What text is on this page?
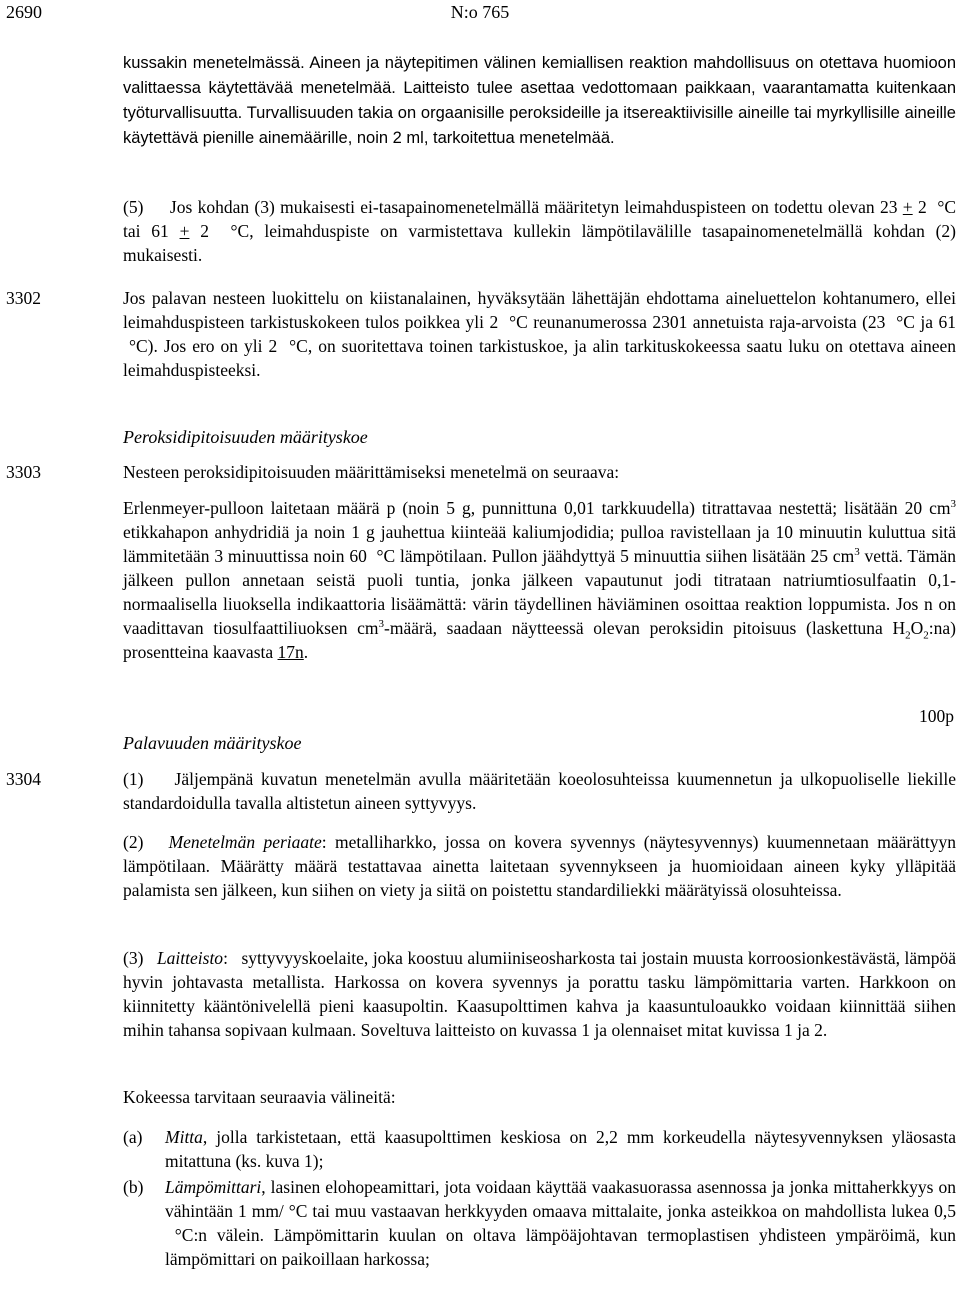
2690	N:o 765
kussakin menetelmässä. Aineen ja näytepitimen välinen kemiallisen reaktion mahdollisuus on otettava huomioon valittaessa käytettävää menetelmää. Laitteisto tulee asettaa vedottomaan paikkaan, vaarantamatta kuitenkaan työturvallisuutta. Turvallisuuden takia on orgaanisille peroksideille ja itsereaktiivisille aineille tai myrkyllisille aineille käytettävä pienille ainemäärille, noin 2 ml, tarkoitettua menetelmää.
(5)     Jos kohdan (3) mukaisesti ei-tasapainomenetelmällä määritetyn leimahduspisteen on todettu olevan 23 + 2  °C tai 61 + 2  °C, leimahduspiste on varmistettava kullekin lämpötilavälille tasapainomenetelmällä kohdan (2) mukaisesti.
3302	Jos palavan nesteen luokittelu on kiistanalainen, hyväksytään lähettäjän ehdottama aineluettelon kohtanumero, ellei leimahduspisteen tarkistuskokeen tulos poikkea yli 2  °C reunanumerossa 2301 annetuista raja-arvoista (23  °C ja 61  °C). Jos ero on yli 2  °C, on suoritettava toinen tarkistuskoe, ja alin tarkituskokeessa saatu luku on otettava aineen leimahduspisteeksi.
Peroksidipitoisuuden määrityskoe
3303	Nesteen peroksidipitoisuuden määrittämiseksi menetelmä on seuraava:
Erlenmeyer-pulloon laitetaan määrä p (noin 5 g, punnittuna 0,01 tarkkuudella) titrattavaa nestettä; lisätään 20 $cm^3$ etikkahapon anhydridiä ja noin 1 g jauhettua kiinteää kaliumjodidia; pulloa ravistellaan ja 10 minuutin kuluttua sitä lämmitetään 3 minuuttissa noin 60  °C lämpötilaan. Pullon jäähdyttyä 5 minuuttia siihen lisätään 25 $cm^3$ vettä. Tämän jälkeen pullon annetaan seistä puoli tuntia, jonka jälkeen vapautunut jodi titrataan natriumtiosulfaatin 0,1-normaalisella liuoksella indikaattoria lisäämättä: värin täydellinen häviäminen osoittaa reaktion loppumista. Jos n on vaadittavan tiosulfaattiliuoksen $cm^3$-määrä, saadaan näytteessä olevan peroksidin pitoisuus (laskettuna $H_2O_2:na$) prosentteina kaavasta 17n.
100p
Palavuuden määrityskoe
3304	(1)    Jäljempänä kuvatun menetelmän avulla määritetään koeolosuhteissa kuumennetun ja ulkopuoliselle liekille standardoidulla tavalla altistetun aineen syttyvyys.
(2)   Menetelmän periaate: metalliharkko, jossa on kovera syvennys (näytesyvennys) kuumennetaan määrättyyn lämpötilaan. Määrätty määrä testattavaa ainetta laitetaan syvennykseen ja huomioidaan aineen kyky ylläpitää palamista sen jälkeen, kun siihen on viety ja siitä on poistettu standardiliekki määrätyissä olosuhteissa.
(3)   Laitteisto:   syttyvyyskoelaite, joka koostuu alumiiniseosharkosta tai jostain muusta korroosionkestävästä, lämpöä hyvin johtavasta metallista. Harkossa on kovera syvennys ja porattu tasku lämpömittaria varten. Harkkoon on kiinnitetty kääntönivelellä pieni kaasupoltin. Kaasupolttimen kahva ja kaasuntuloaukko voidaan kiinnittää siihen mihin tahansa sopivaan kulmaan. Soveltuva laitteisto on kuvassa 1 ja olennaiset mitat kuvissa 1 ja 2.
Kokeessa tarvitaan seuraavia välineitä:
(a) Mitta, jolla tarkistetaan, että kaasupolttimen keskiosa on 2,2 mm korkeudella näytesyvennyksen yläosasta mitattuna (ks. kuva 1);
(b) Lämpömittari, lasinen elohopeamittari, jota voidaan käyttää vaakasuorassa asennossa ja jonka mittaherkkyys on vähintään 1 mm/ °C tai muu vastaavan herkkyyden omaava mittalaite, jonka asteikkoa on mahdollista lukea 0,5  °C:n välein. Lämpömittarin kuulan on oltava lämpöäjohtavan termoplastisen yhdisteen ympäröimä, kun lämpömittari on paikoillaan harkossa;
